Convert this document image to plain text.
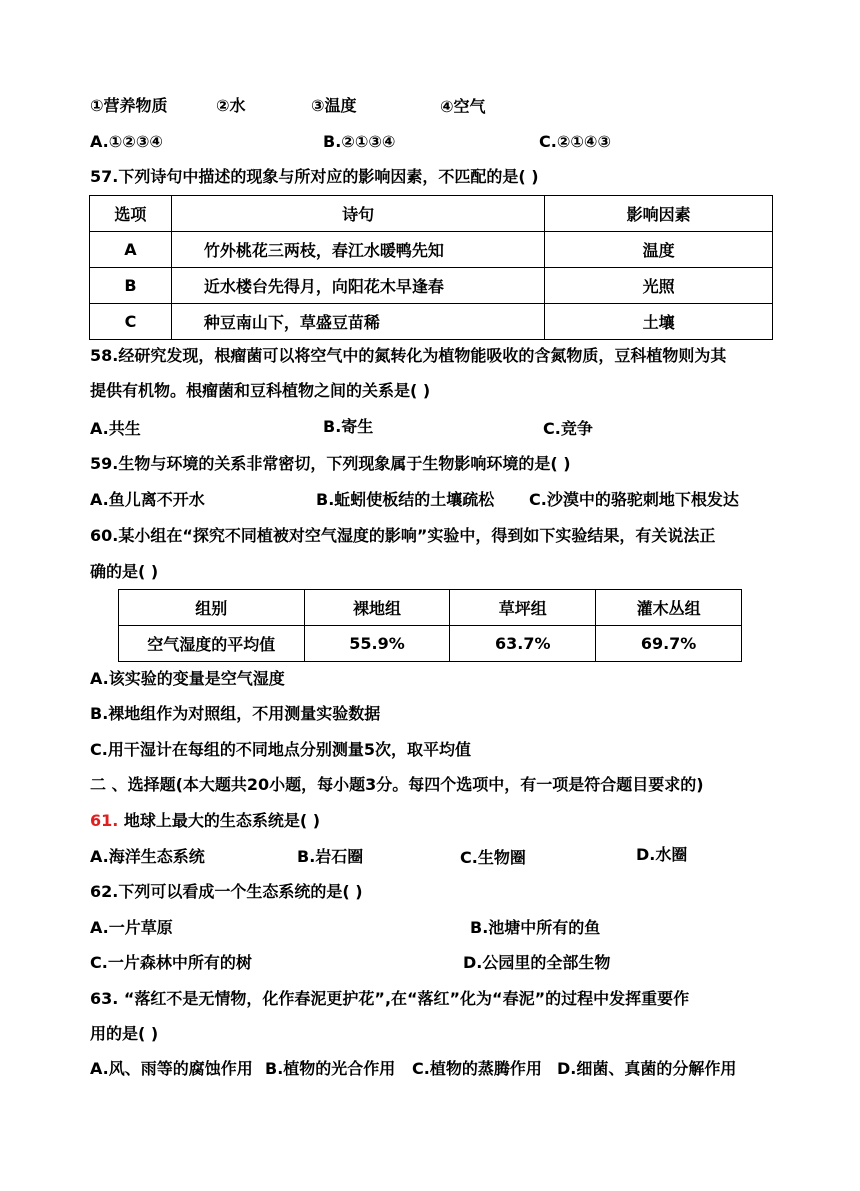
①营养物质	②水	③温度	④空气
A.①②③④	B.②①③④	C.②①④③
57.下列诗句中描述的现象与所对应的影响因素，不匹配的是( )
选项	诗句	影响因素
A	竹外桃花三两枝，春江水暖鸭先知	温度
B	近水楼台先得月，向阳花木早逢春	光照
C	种豆南山下，草盛豆苗稀	土壤
58.经研究发现，根瘤菌可以将空气中的氮转化为植物能吸收的含氮物质，豆科植物则为其
提供有机物。根瘤菌和豆科植物之间的关系是( )
A.共生	B.寄生	C.竞争
59.生物与环境的关系非常密切，下列现象属于生物影响环境的是( )
A.鱼儿离不开水	B.蚯蚓使板结的土壤疏松 C.沙漠中的骆驼刺地下根发达
60.某小组在“探究不同植被对空气湿度的影响”实验中，得到如下实验结果，有关说法正
确的是( )
组别	裸地组	草坪组	灌木丛组
空气湿度的平均值	55.9%	63.7%	69.7%
A.该实验的变量是空气湿度
B.裸地组作为对照组，不用测量实验数据
C.用干湿计在每组的不同地点分别测量5次，取平均值
二 、选择题(本大题共20小题，每小题3分。每四个选项中，有一项是符合题目要求的)
61. 地球上最大的生态系统是( )
A.海洋生态系统	B.岩石圈	C.生物圈	D.水圈
62.下列可以看成一个生态系统的是( )
A.一片草原	B.池塘中所有的鱼
C.一片森林中所有的树	D.公园里的全部生物
63. “落红不是无情物，化作春泥更护花”,在“落红”化为“春泥”的过程中发挥重要作
用的是( )
A.风、雨等的腐蚀作用 B.植物的光合作用 C.植物的蒸腾作用 D.细菌、真菌的分解作用
